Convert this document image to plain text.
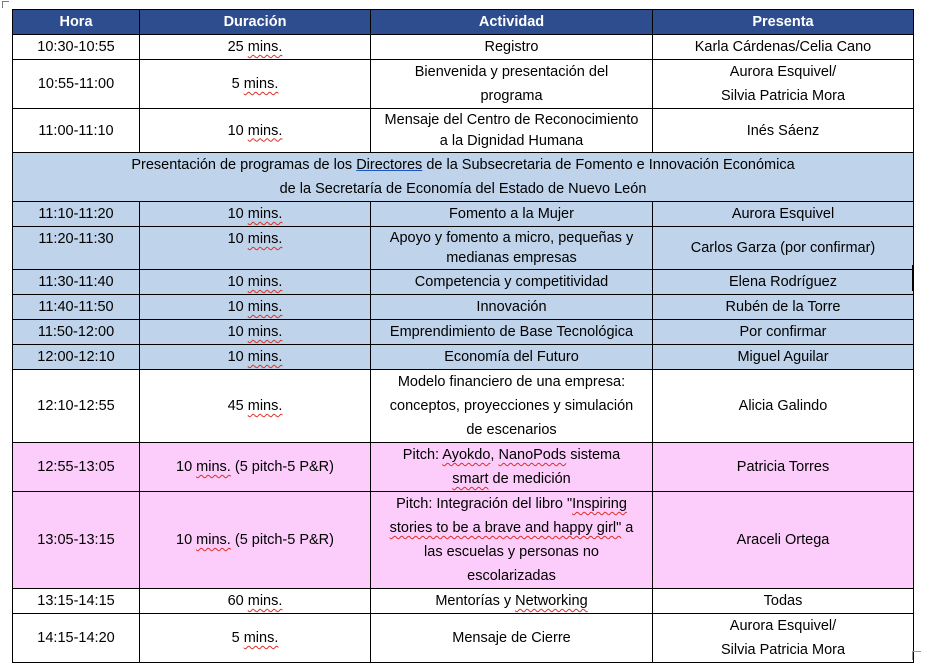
Hora	Duración	Actividad	Presenta
10:30-10:55	25 mins.	Registro	Karla Cárdenas/Celia Cano

10:55-11:00	5 mins.	Bienvenida y presentación del
programa	Aurora Esquivel/
Silvia Patricia Mora

11:00-11:10	10 mins.	Mensaje del Centro de Reconocimiento
a la Dignidad Humana	Inés Sáenz

Presentación de programas de los Directores de la Subsecretaria de Fomento e Innovación Económica
de la Secretaría de Economía del Estado de Nuevo León			

11:10-11:20	10 mins.	Fomento a la Mujer	Aurora Esquivel
11:20-11:30	10 mins.	Apoyo y fomento a micro, pequeñas y
medianas empresas	Carlos Garza (por confirmar)
11:30-11:40	10 mins.	Competencia y competitividad	Elena Rodríguez
11:40-11:50	10 mins.	Innovación	Rubén de la Torre
11:50-12:00	10 mins.	Emprendimiento de Base Tecnológica	Por confirmar
12:00-12:10	10 mins.	Economía del Futuro	Miguel Aguilar
12:10-12:55	45 mins.	Modelo financiero de una empresa:
conceptos, proyecciones y simulación
de escenarios	Alicia Galindo
12:55-13:05	10 mins. (5 pitch-5 P&R)	Pitch: Ayokdo, NanoPods sistema
smart de medición	Patricia Torres
13:05-13:15	10 mins. (5 pitch-5 P&R)	Pitch: Integración del libro "Inspiring
stories to be a brave and happy girl" a
las escuelas y personas no
escolarizadas	Araceli Ortega
13:15-14:15	60 mins.	Mentorías y Networking	Todas
14:15-14:20	5 mins.	Mensaje de Cierre	Aurora Esquivel/
Silvia Patricia Mora
